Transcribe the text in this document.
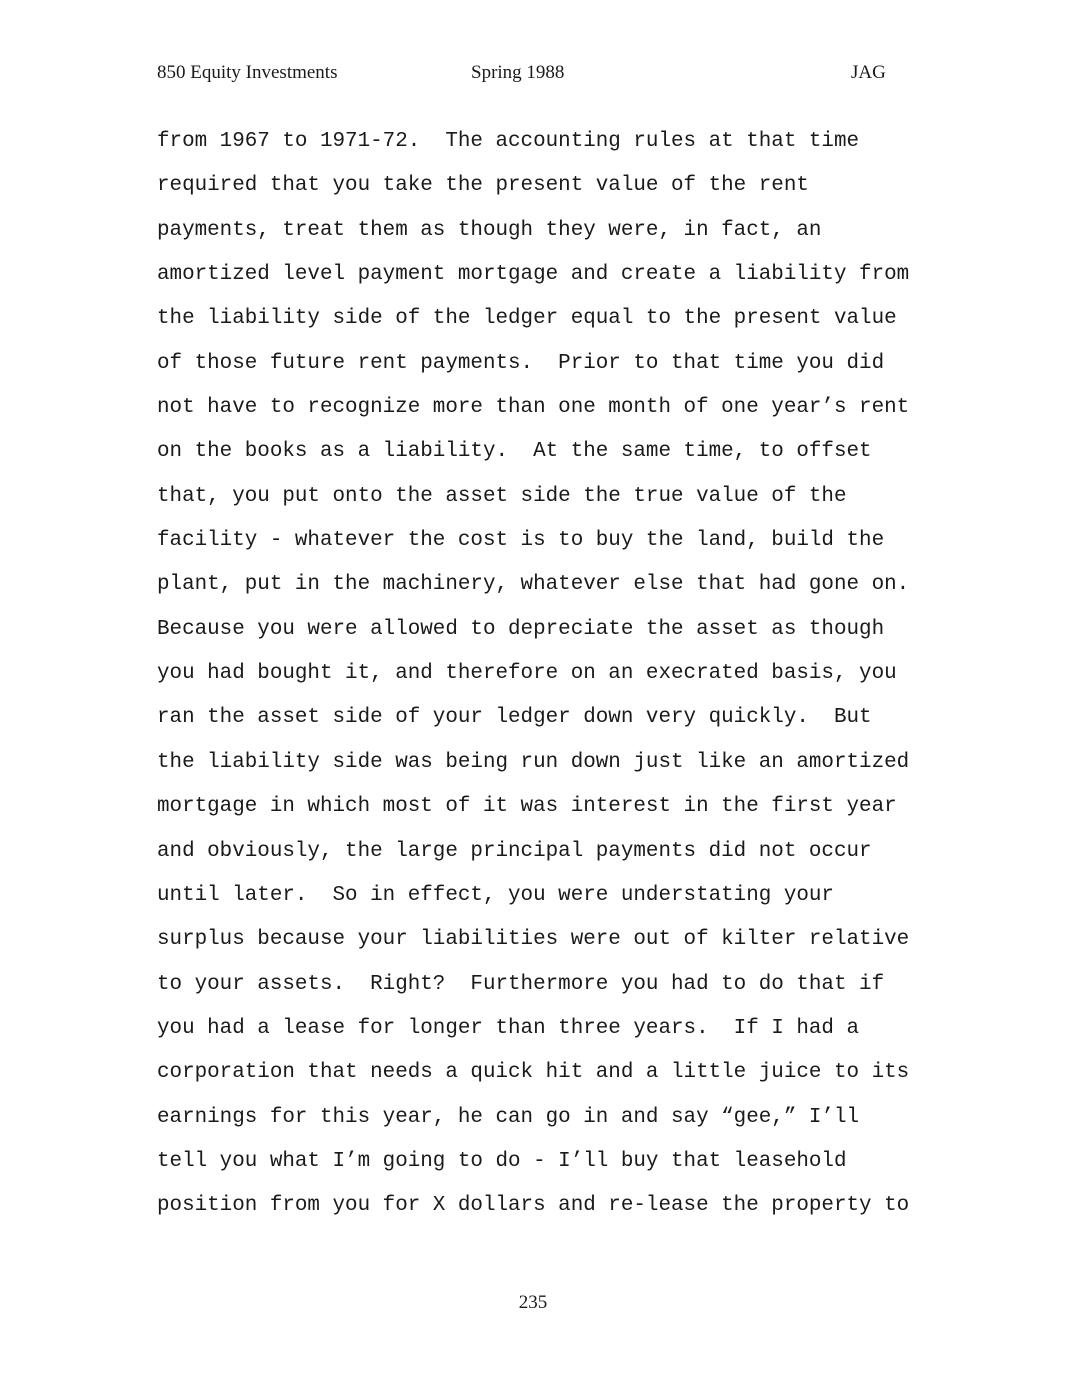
850 Equity Investments	Spring 1988	JAG
from 1967 to 1971-72.  The accounting rules at that time
required that you take the present value of the rent
payments, treat them as though they were, in fact, an
amortized level payment mortgage and create a liability from
the liability side of the ledger equal to the present value
of those future rent payments.  Prior to that time you did
not have to recognize more than one month of one year’s rent
on the books as a liability.  At the same time, to offset
that, you put onto the asset side the true value of the
facility - whatever the cost is to buy the land, build the
plant, put in the machinery, whatever else that had gone on.
Because you were allowed to depreciate the asset as though
you had bought it, and therefore on an execrated basis, you
ran the asset side of your ledger down very quickly.  But
the liability side was being run down just like an amortized
mortgage in which most of it was interest in the first year
and obviously, the large principal payments did not occur
until later.  So in effect, you were understating your
surplus because your liabilities were out of kilter relative
to your assets.  Right?  Furthermore you had to do that if
you had a lease for longer than three years.  If I had a
corporation that needs a quick hit and a little juice to its
earnings for this year, he can go in and say “gee,” I’ll
tell you what I’m going to do - I’ll buy that leasehold
position from you for X dollars and re-lease the property to
235
